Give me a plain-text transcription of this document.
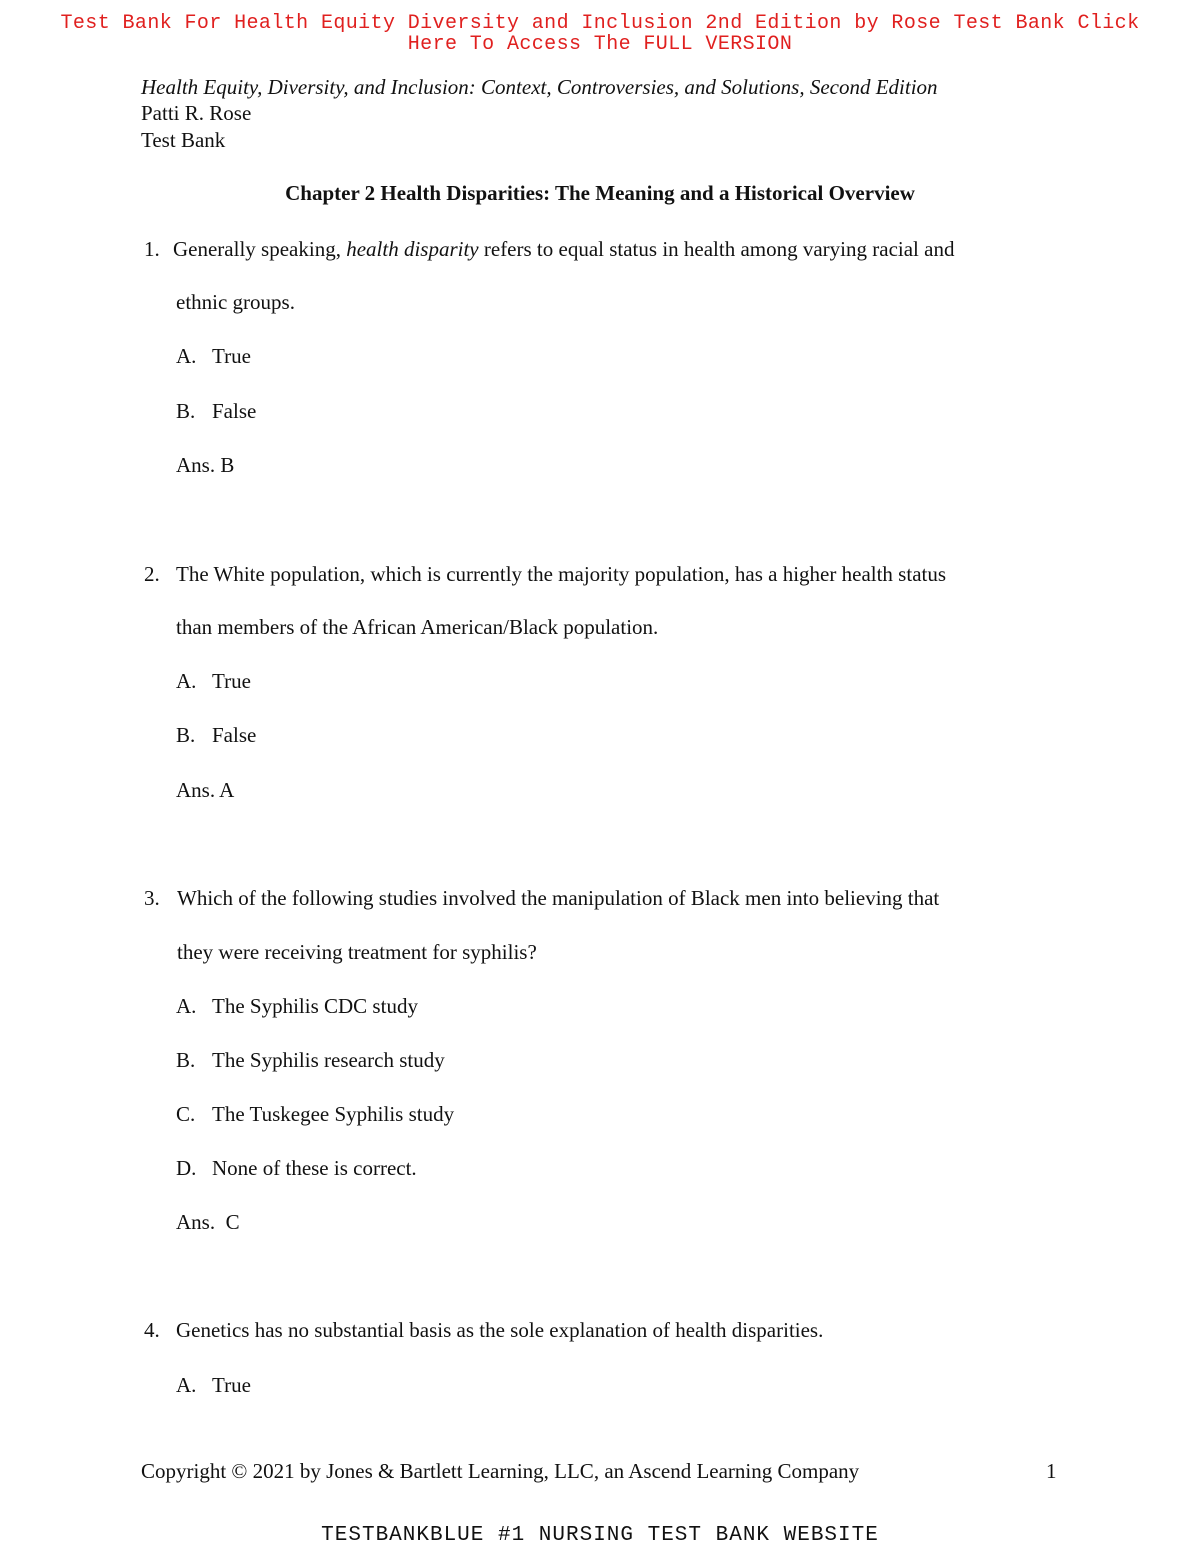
Test Bank For Health Equity Diversity and Inclusion 2nd Edition by Rose Test Bank Click
Here To Access The FULL VERSION
Health Equity, Diversity, and Inclusion: Context, Controversies, and Solutions, Second Edition
Patti R. Rose
Test Bank
Chapter 2 Health Disparities: The Meaning and a Historical Overview
1. Generally speaking, health disparity refers to equal status in health among varying racial and
ethnic groups.
A. True
B. False
Ans. B
2. The White population, which is currently the majority population, has a higher health status
than members of the African American/Black population.
A. True
B. False
Ans. A
3. Which of the following studies involved the manipulation of Black men into believing that
they were receiving treatment for syphilis?
A. The Syphilis CDC study
B. The Syphilis research study
C. The Tuskegee Syphilis study
D. None of these is correct.
Ans.  C
4. Genetics has no substantial basis as the sole explanation of health disparities.
A. True
Copyright © 2021 by Jones & Bartlett Learning, LLC, an Ascend Learning Company	1
TESTBANKBLUE #1 NURSING TEST BANK WEBSITE
